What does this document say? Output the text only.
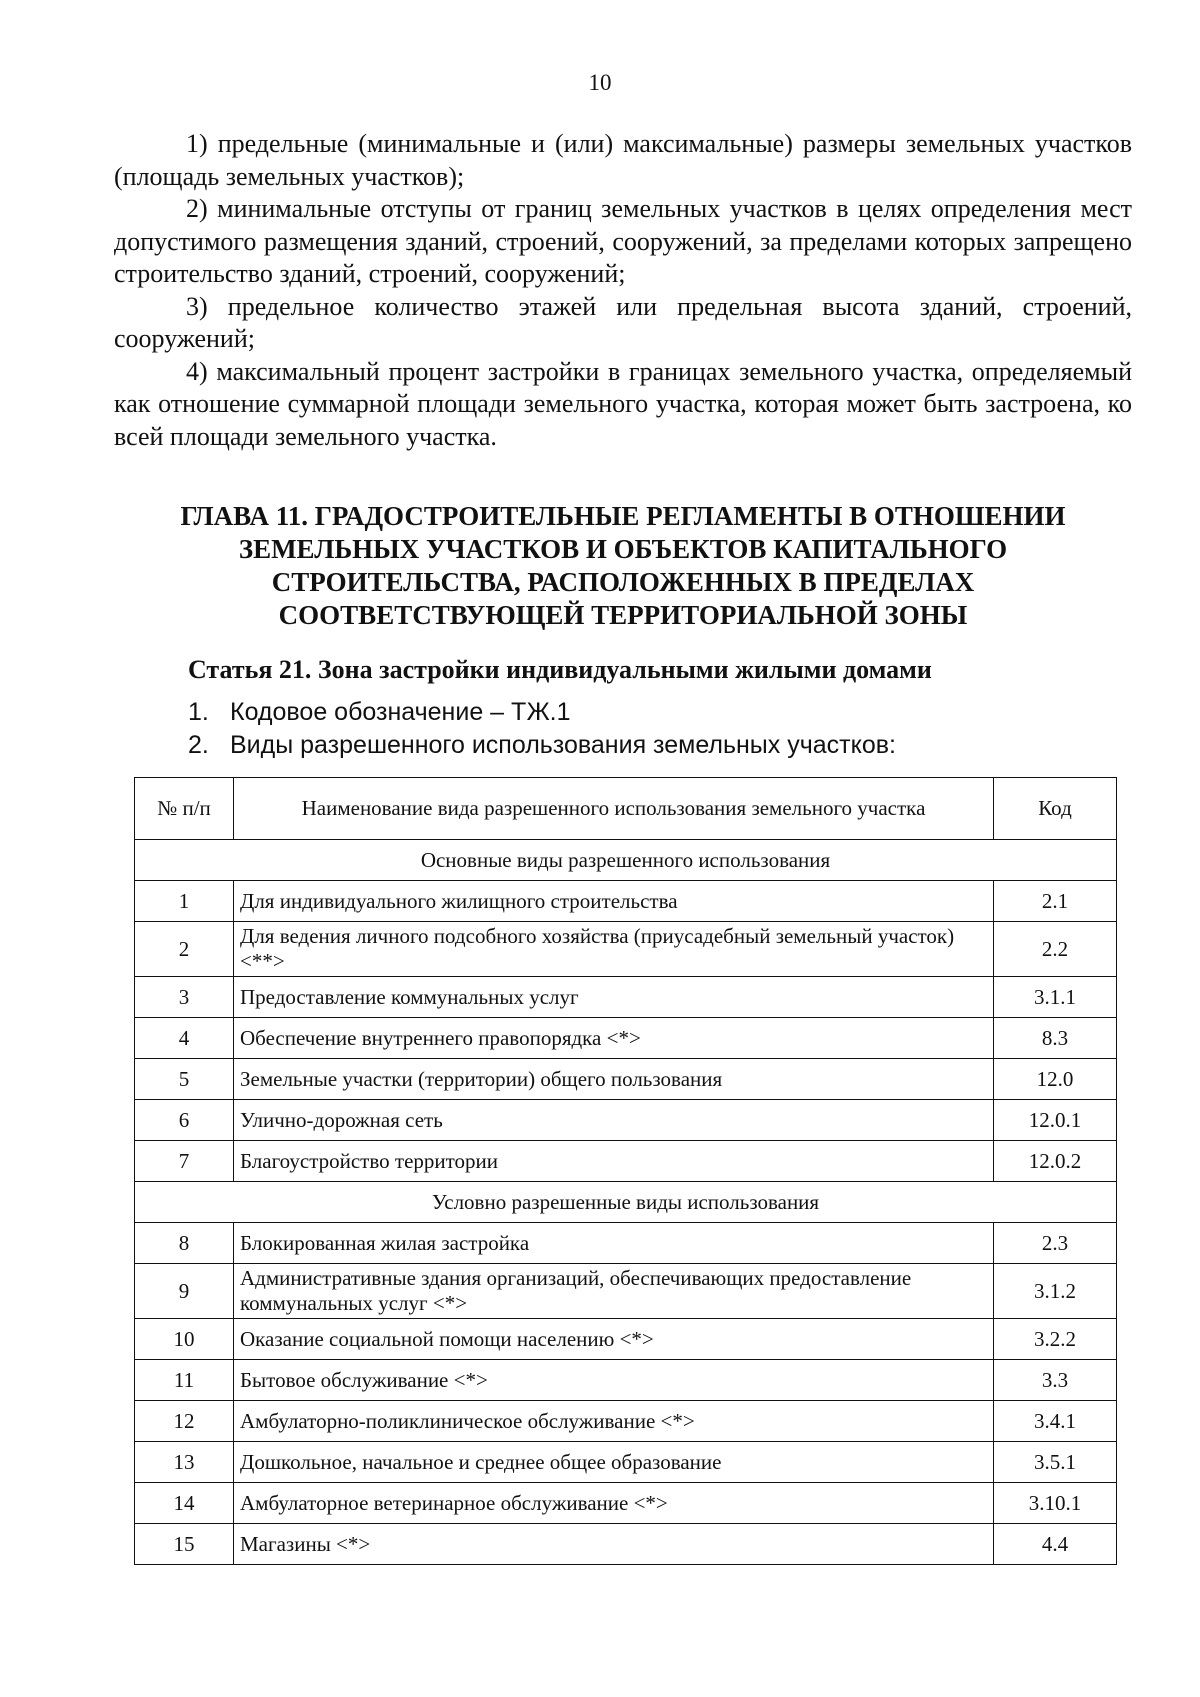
10

1) предельные (минимальные и (или) максимальные) размеры земельных участков (площадь земельных участков);

2) минимальные отступы от границ земельных участков в целях определения мест допустимого размещения зданий, строений, сооружений, за пределами которых запрещено строительство зданий, строений, сооружений;

3) предельное количество этажей или предельная высота зданий, строений, сооружений;

4) максимальный процент застройки в границах земельного участка, определяемый как отношение суммарной площади земельного участка, которая может быть застроена, ко всей площади земельного участка.

ГЛАВА 11. ГРАДОСТРОИТЕЛЬНЫЕ РЕГЛАМЕНТЫ В ОТНОШЕНИИ
ЗЕМЕЛЬНЫХ УЧАСТКОВ И ОБЪЕКТОВ КАПИТАЛЬНОГО
СТРОИТЕЛЬСТВА, РАСПОЛОЖЕННЫХ В ПРЕДЕЛАХ
СООТВЕТСТВУЮЩЕЙ ТЕРРИТОРИАЛЬНОЙ ЗОНЫ
Статья 21. Зона застройки индивидуальными жилыми домами
1. Кодовое обозначение – ТЖ.1
2. Виды разрешенного использования земельных участков:
№ п/п	Наименование вида разрешенного использования земельного участка	Код
Основные виды разрешенного использования		
1	Для индивидуального жилищного строительства	2.1
2	Для ведения личного подсобного хозяйства (приусадебный земельный участок) <**>	2.2
3	Предоставление коммунальных услуг	3.1.1
4	Обеспечение внутреннего правопорядка <*>	8.3
5	Земельные участки (территории) общего пользования	12.0
6	Улично-дорожная сеть	12.0.1
7	Благоустройство территории	12.0.2
Условно разрешенные виды использования		
8	Блокированная жилая застройка	2.3
9	Административные здания организаций, обеспечивающих предоставление коммунальных услуг <*>	3.1.2
10	Оказание социальной помощи населению <*>	3.2.2
11	Бытовое обслуживание <*>	3.3
12	Амбулаторно-поликлиническое обслуживание <*>	3.4.1
13	Дошкольное, начальное и среднее общее образование	3.5.1
14	Амбулаторное ветеринарное обслуживание <*>	3.10.1
15	Магазины <*>	4.4
